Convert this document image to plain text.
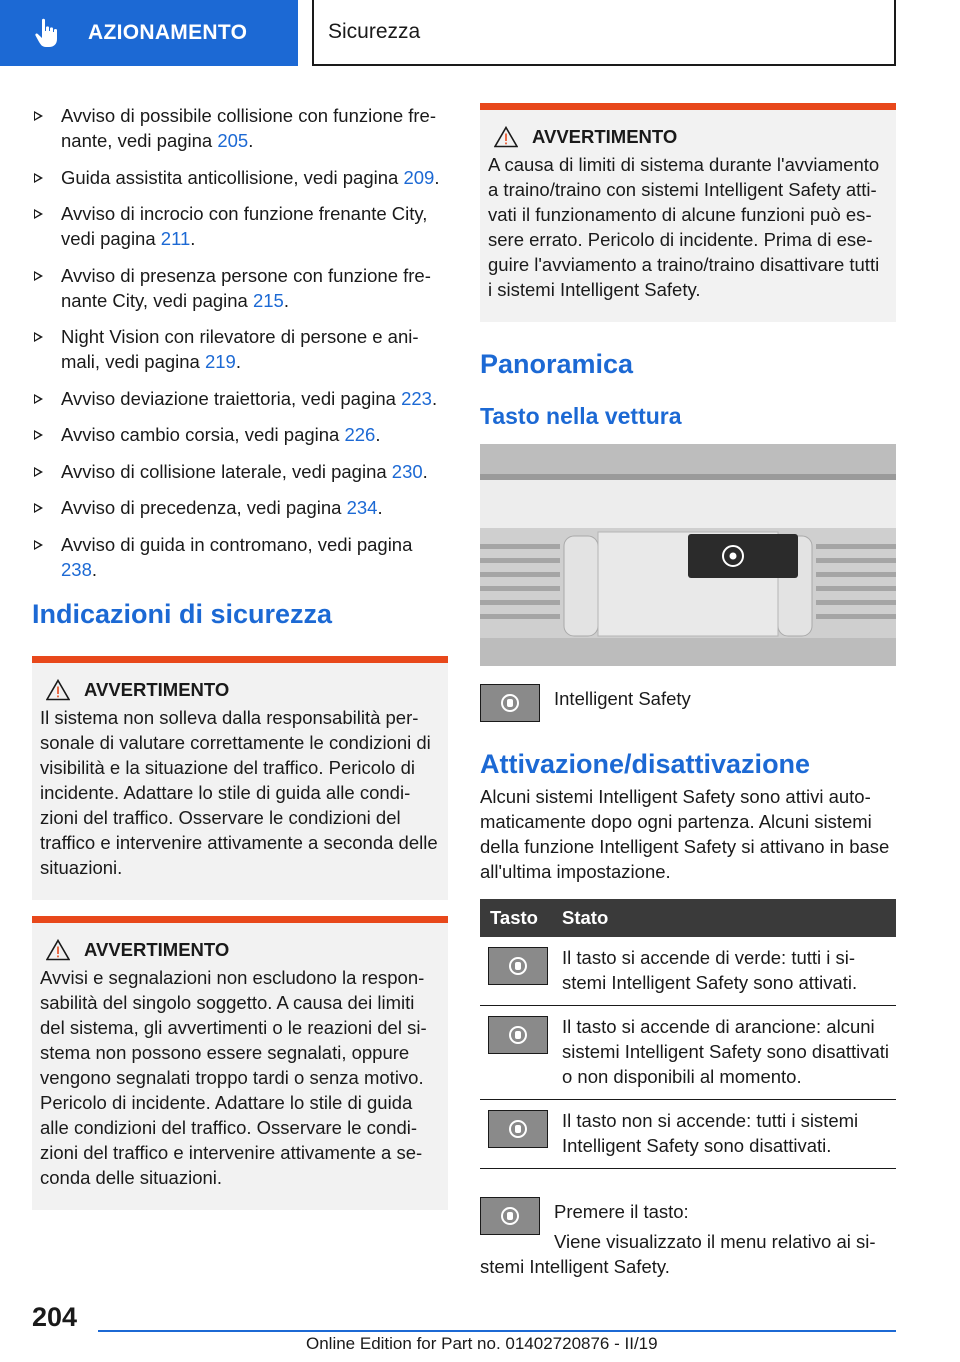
AZIONAMENTO	Sicurezza
Avviso di possibile collisione con funzione frenante, vedi pagina 205.
Guida assistita anticollisione, vedi pagina 209.
Avviso di incrocio con funzione frenante City, vedi pagina 211.
Avviso di presenza persone con funzione frenante City, vedi pagina 215.
Night Vision con rilevatore di persone e animali, vedi pagina 219.
Avviso deviazione traiettoria, vedi pagina 223.
Avviso cambio corsia, vedi pagina 226.
Avviso di collisione laterale, vedi pagina 230.
Avviso di precedenza, vedi pagina 234.
Avviso di guida in contromano, vedi pagina 238.
Indicazioni di sicurezza
AVVERTIMENTO
Il sistema non solleva dalla responsabilità personale di valutare correttamente le condizioni di visibilità e la situazione del traffico. Pericolo di incidente. Adattare lo stile di guida alle condizioni del traffico. Osservare le condizioni del traffico e intervenire attivamente a seconda delle situazioni.
AVVERTIMENTO
Avvisi e segnalazioni non escludono la responsabilità del singolo soggetto. A causa dei limiti del sistema, gli avvertimenti o le reazioni del sistema non possono essere segnalati, oppure vengono segnalati troppo tardi o senza motivo. Pericolo di incidente. Adattare lo stile di guida alle condizioni del traffico. Osservare le condizioni del traffico e intervenire attivamente a seconda delle situazioni.
AVVERTIMENTO
A causa di limiti di sistema durante l'avviamento a traino/traino con sistemi Intelligent Safety attivati il funzionamento di alcune funzioni può essere errato. Pericolo di incidente. Prima di eseguire l'avviamento a traino/traino disattivare tutti i sistemi Intelligent Safety.
Panoramica
Tasto nella vettura
Intelligent Safety
Attivazione/disattivazione

Alcuni sistemi Intelligent Safety sono attivi automaticamente dopo ogni partenza. Alcuni sistemi della funzione Intelligent Safety si attivano in base all'ultima impostazione.

Tasto	Stato

	Il tasto si accende di verde: tutti i sistemi Intelligent Safety sono attivati.

	Il tasto si accende di arancione: alcuni sistemi Intelligent Safety sono disattivati o non disponibili al momento.

	Il tasto non si accende: tutti i sistemi Intelligent Safety sono disattivati.
Premere il tasto:

Viene visualizzato il menu relativo ai sistemi Intelligent Safety.

204
Online Edition for Part no. 01402720876 - II/19
